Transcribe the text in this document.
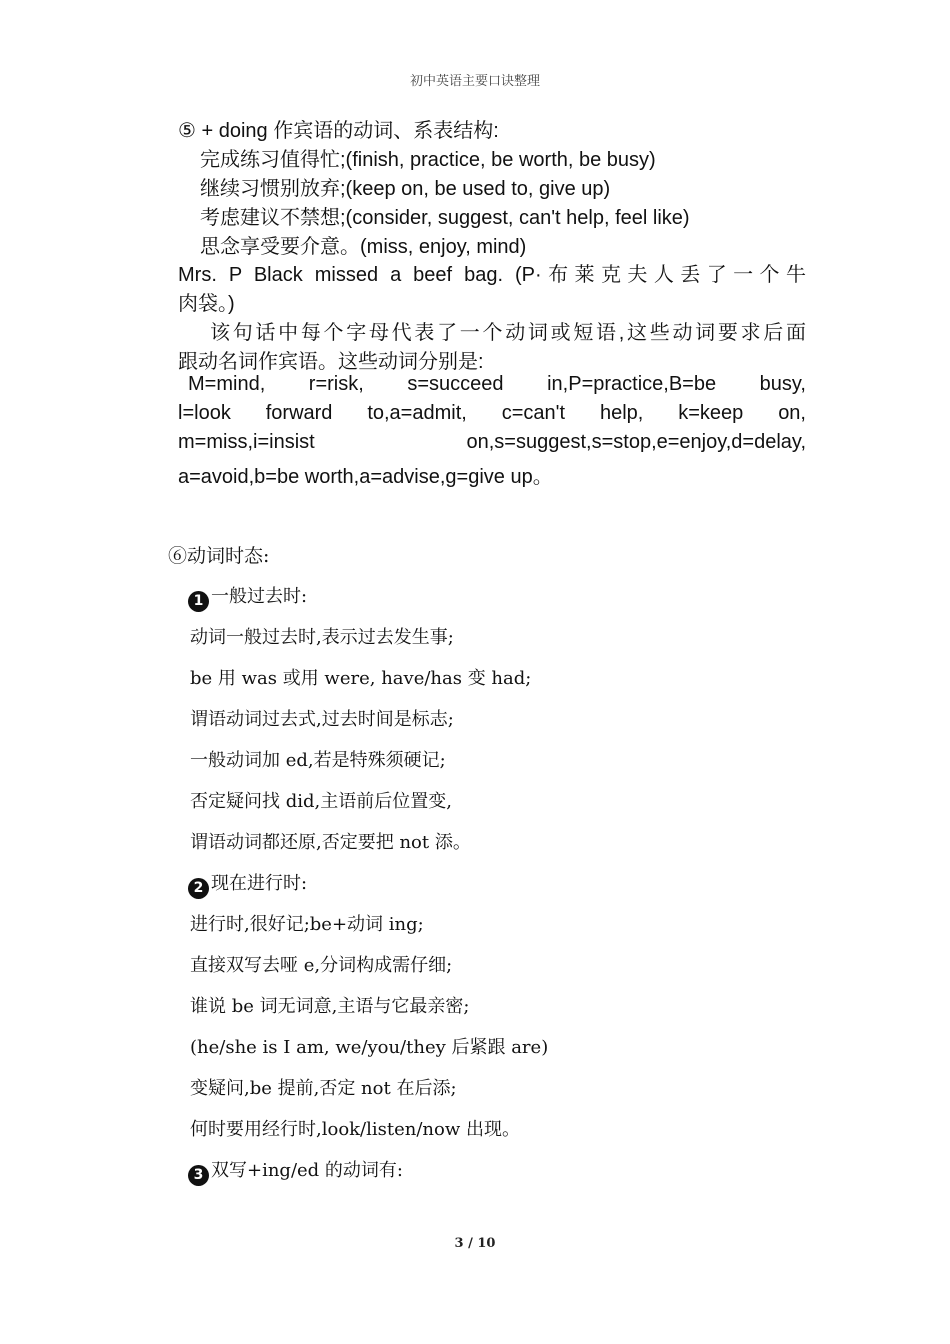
初中英语主要口诀整理
⑤ + doing 作宾语的动词、系表结构:
完成练习值得忙;(finish, practice, be worth, be busy)
继续习惯别放弃;(keep on, be used to, give up)
考虑建议不禁想;(consider, suggest, can't help, feel like)
思念享受要介意。(miss, enjoy, mind)
Mrs. P Black missed a beef bag. (P·布莱克夫人丢了一个牛
肉袋。)
该句话中每个字母代表了一个动词或短语,这些动词要求后面
跟动名词作宾语。这些动词分别是:
M=mind, r=risk, s=succeed in,P=practice,B=be busy,
l=look forward to,a=admit, c=can't help, k=keep on,
m=miss,i=insist on,s=suggest,s=stop,e=enjoy,d=delay,
a=avoid,b=be worth,a=advise,g=give up。
⑥动词时态:
1 一般过去时:
动词一般过去时,表示过去发生事;
be 用 was 或用 were, have/has 变 had;
谓语动词过去式,过去时间是标志;
一般动词加 ed,若是特殊须硬记;
否定疑问找 did,主语前后位置变,
谓语动词都还原,否定要把 not 添。
2 现在进行时:
进行时,很好记;be+动词 ing;
直接双写去哑 e,分词构成需仔细;
谁说 be 词无词意,主语与它最亲密;
(he/she is I am, we/you/they 后紧跟 are)
变疑问,be 提前,否定 not 在后添;
何时要用经行时,look/listen/now 出现。
3 双写+ing/ed 的动词有:
3 / 10
